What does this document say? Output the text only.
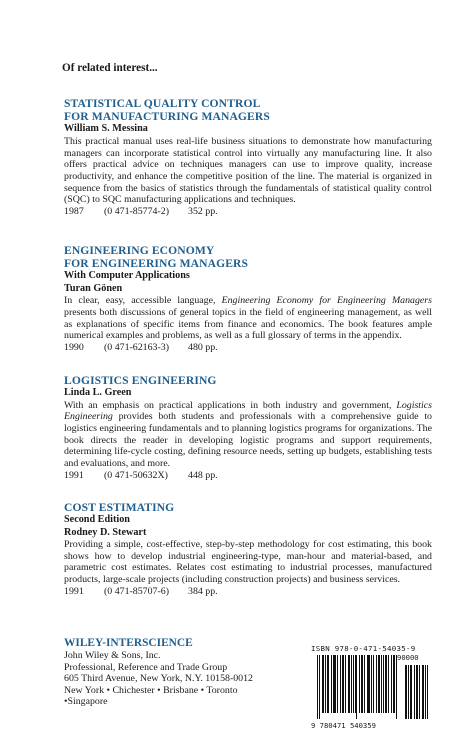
Of related interest...
STATISTICAL QUALITY CONTROL
FOR MANUFACTURING MANAGERS
William S. Messina
This practical manual uses real-life business situations to demonstrate how manufacturing managers can incorporate statistical control into virtually any manufacturing line. It also offers practical advice on techniques managers can use to improve quality, increase productivity, and enhance the competitive position of the line. The material is organized in sequence from the basics of statistics through the fundamentals of statistical quality control (SQC) to SQC manufacturing applications and techniques.
1987 (0 471-85774-2) 352 pp.
ENGINEERING ECONOMY
FOR ENGINEERING MANAGERS
With Computer Applications
Turan Gönen
In clear, easy, accessible language, Engineering Economy for Engineering Managers presents both discussions of general topics in the field of engineering management, as well as explanations of specific items from finance and economics. The book features ample numerical examples and problems, as well as a full glossary of terms in the appendix.
1990 (0 471-62163-3) 480 pp.
LOGISTICS ENGINEERING
Linda L. Green
With an emphasis on practical applications in both industry and government, Logistics Engineering provides both students and professionals with a comprehensive guide to logistics engineering fundamentals and to planning logistics programs for organizations. The book directs the reader in developing logistic programs and support requirements, determining life-cycle costing, defining resource needs, setting up budgets, establishing tests and evaluations, and more.
1991 (0 471-50632X) 448 pp.
COST ESTIMATING
Second Edition
Rodney D. Stewart
Providing a simple, cost-effective, step-by-step methodology for cost estimating, this book shows how to develop industrial engineering-type, man-hour and material-based, and parametric cost estimates. Relates cost estimating to industrial processes, manufactured products, large-scale projects (including construction projects) and business services.
1991 (0 471-85707-6) 384 pp.
WILEY-INTERSCIENCE
John Wiley & Sons, Inc.
Professional, Reference and Trade Group
605 Third Avenue, New York, N.Y. 10158-0012
New York • Chichester • Brisbane • Toronto
•Singapore
ISBN 978-0-471-54035-9
90000
9 780471 540359
